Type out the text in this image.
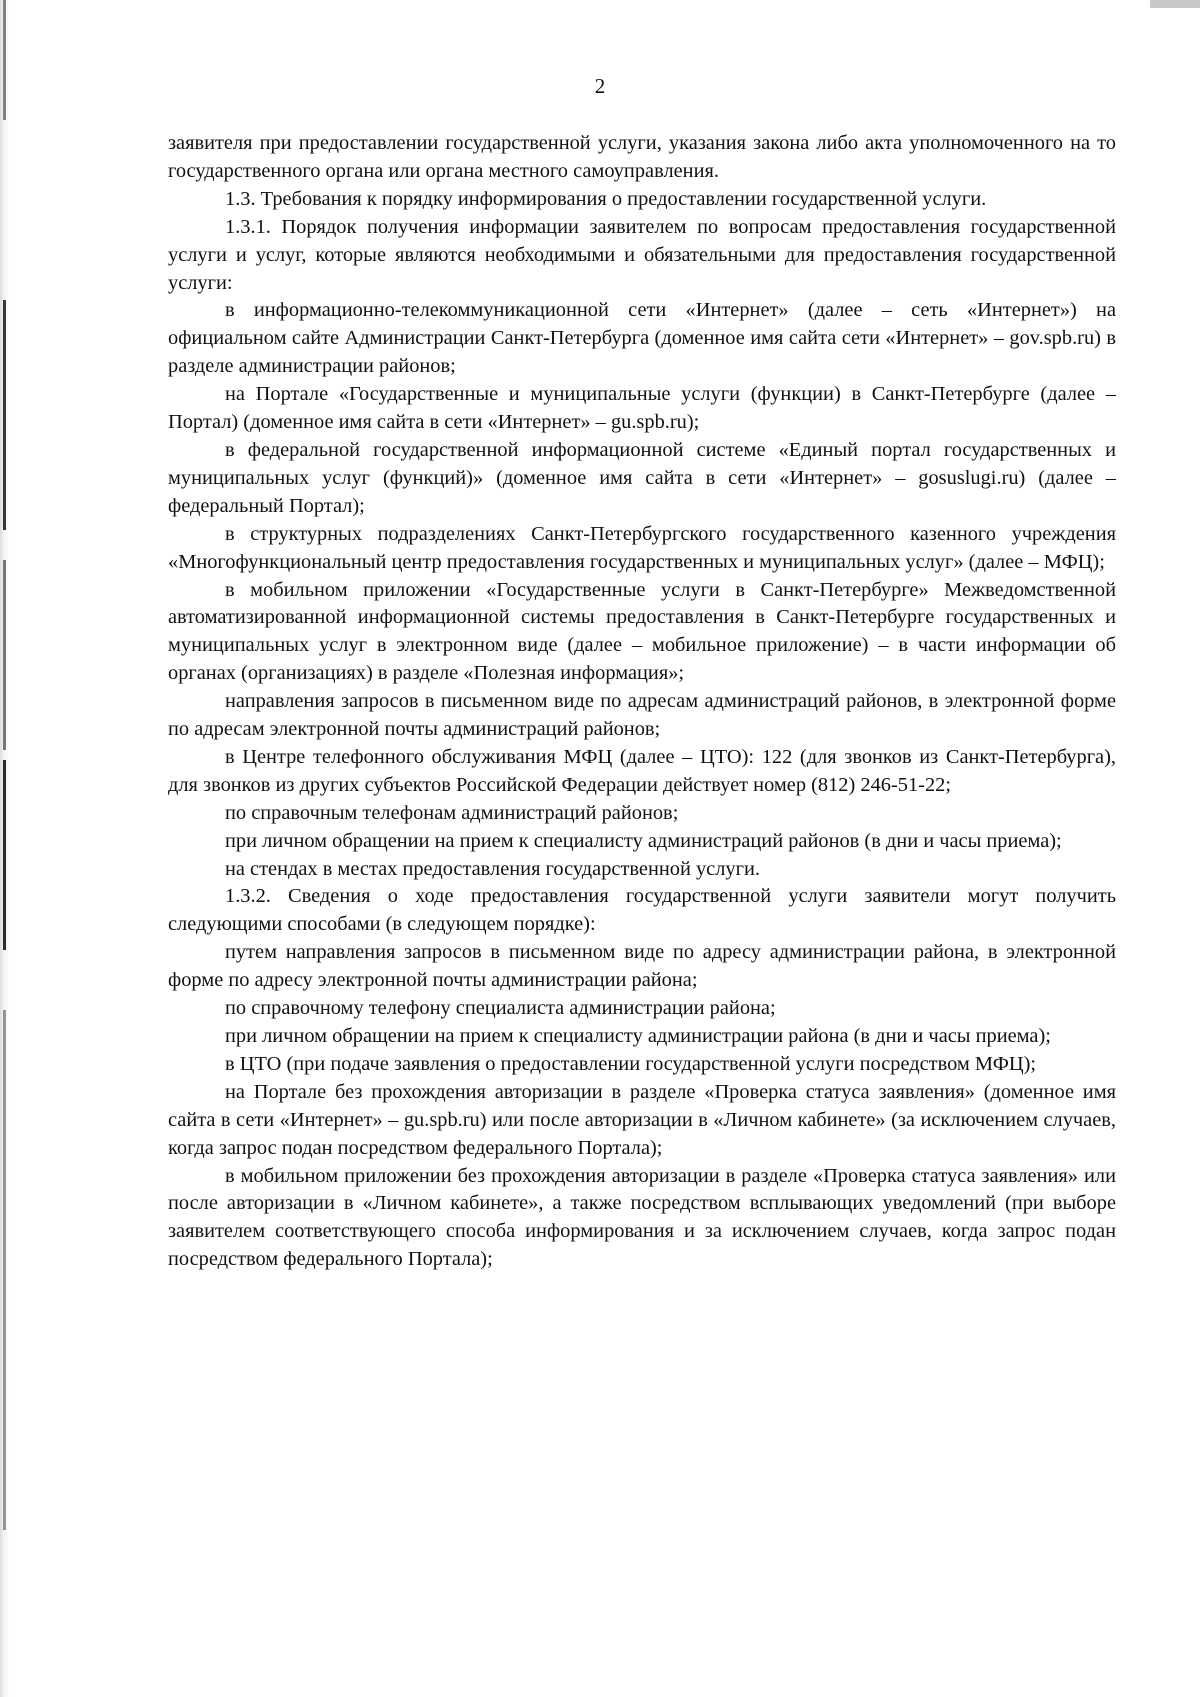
2

заявителя при предоставлении государственной услуги, указания закона либо акта уполномоченного на то государственного органа или органа местного самоуправления.

1.3. Требования к порядку информирования о предоставлении государственной услуги.

1.3.1. Порядок получения информации заявителем по вопросам предоставления государственной услуги и услуг, которые являются необходимыми и обязательными для предоставления государственной услуги:

в информационно-телекоммуникационной сети «Интернет» (далее – сеть «Интернет») на официальном сайте Администрации Санкт-Петербурга (доменное имя сайта сети «Интернет» – gov.spb.ru) в разделе администрации районов;

на Портале «Государственные и муниципальные услуги (функции) в Санкт-Петербурге (далее – Портал) (доменное имя сайта в сети «Интернет» – gu.spb.ru);

в федеральной государственной информационной системе «Единый портал государственных и муниципальных услуг (функций)» (доменное имя сайта в сети «Интернет» – gosuslugi.ru) (далее – федеральный Портал);

в структурных подразделениях Санкт-Петербургского государственного казенного учреждения «Многофункциональный центр предоставления государственных и муниципальных услуг» (далее – МФЦ);

в мобильном приложении «Государственные услуги в Санкт-Петербурге» Межведомственной автоматизированной информационной системы предоставления в Санкт-Петербурге государственных и муниципальных услуг в электронном виде (далее – мобильное приложение) – в части информации об органах (организациях) в разделе «Полезная информация»;

направления запросов в письменном виде по адресам администраций районов, в электронной форме по адресам электронной почты администраций районов;

в Центре телефонного обслуживания МФЦ (далее – ЦТО): 122 (для звонков из Санкт-Петербурга), для звонков из других субъектов Российской Федерации действует номер (812) 246-51-22;

по справочным телефонам администраций районов;

при личном обращении на прием к специалисту администраций районов (в дни и часы приема);

на стендах в местах предоставления государственной услуги.

1.3.2. Сведения о ходе предоставления государственной услуги заявители могут получить следующими способами (в следующем порядке):

путем направления запросов в письменном виде по адресу администрации района, в электронной форме по адресу электронной почты администрации района;

по справочному телефону специалиста администрации района;

при личном обращении на прием к специалисту администрации района (в дни и часы приема);

в ЦТО (при подаче заявления о предоставлении государственной услуги посредством МФЦ);

на Портале без прохождения авторизации в разделе «Проверка статуса заявления» (доменное имя сайта в сети «Интернет» – gu.spb.ru) или после авторизации в «Личном кабинете» (за исключением случаев, когда запрос подан посредством федерального Портала);

в мобильном приложении без прохождения авторизации в разделе «Проверка статуса заявления» или после авторизации в «Личном кабинете», а также посредством всплывающих уведомлений (при выборе заявителем соответствующего способа информирования и за исключением случаев, когда запрос подан посредством федерального Портала);
